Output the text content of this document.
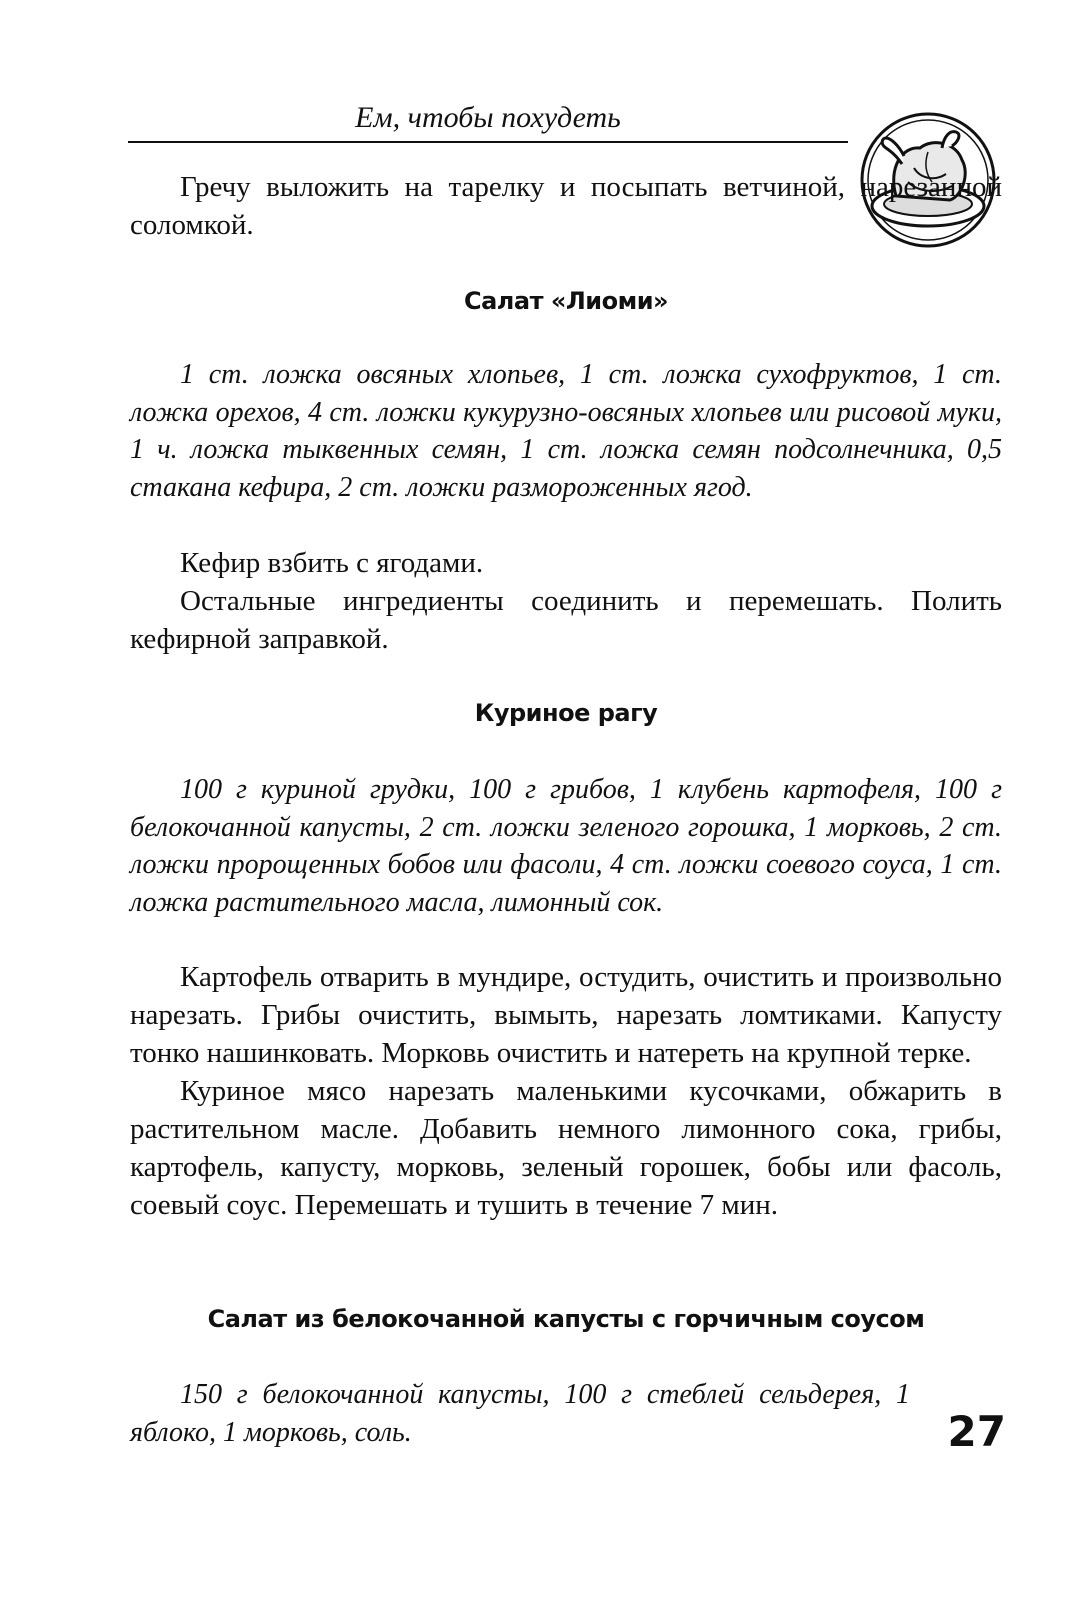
Ем, чтобы похудеть

Гречу выложить на тарелку и посыпать ветчиной, нарезанной соломкой.

Салат «Лиоми»

1 ст. ложка овсяных хлопьев, 1 ст. ложка сухофруктов, 1 ст. ложка орехов, 4 ст. ложки кукурузно-овсяных хлопьев или рисовой муки, 1 ч. ложка тыквенных семян, 1 ст. ложка семян подсолнечника, 0,5 стакана кефира, 2 ст. ложки размороженных ягод.

Кефир взбить с ягодами.

Остальные ингредиенты соединить и перемешать. Полить кефирной заправкой.

Куриное рагу

100 г куриной грудки, 100 г грибов, 1 клубень картофеля, 100 г белокочанной капусты, 2 ст. ложки зеленого горошка, 1 морковь, 2 ст. ложки пророщенных бобов или фасоли, 4 ст. ложки соевого соуса, 1 ст. ложка растительного масла, лимонный сок.

Картофель отварить в мундире, остудить, очистить и произвольно нарезать. Грибы очистить, вымыть, нарезать ломтиками. Капусту тонко нашинковать. Морковь очистить и натереть на крупной терке.

Куриное мясо нарезать маленькими кусочками, обжарить в растительном масле. Добавить немного лимонного сока, грибы, картофель, капусту, морковь, зеленый горошек, бобы или фасоль, соевый соус. Перемешать и тушить в течение 7 мин.

Салат из белокочанной капусты с горчичным соусом

150 г белокочанной капусты, 100 г стеблей сельдерея, 1 яблоко, 1 морковь, соль.	27
